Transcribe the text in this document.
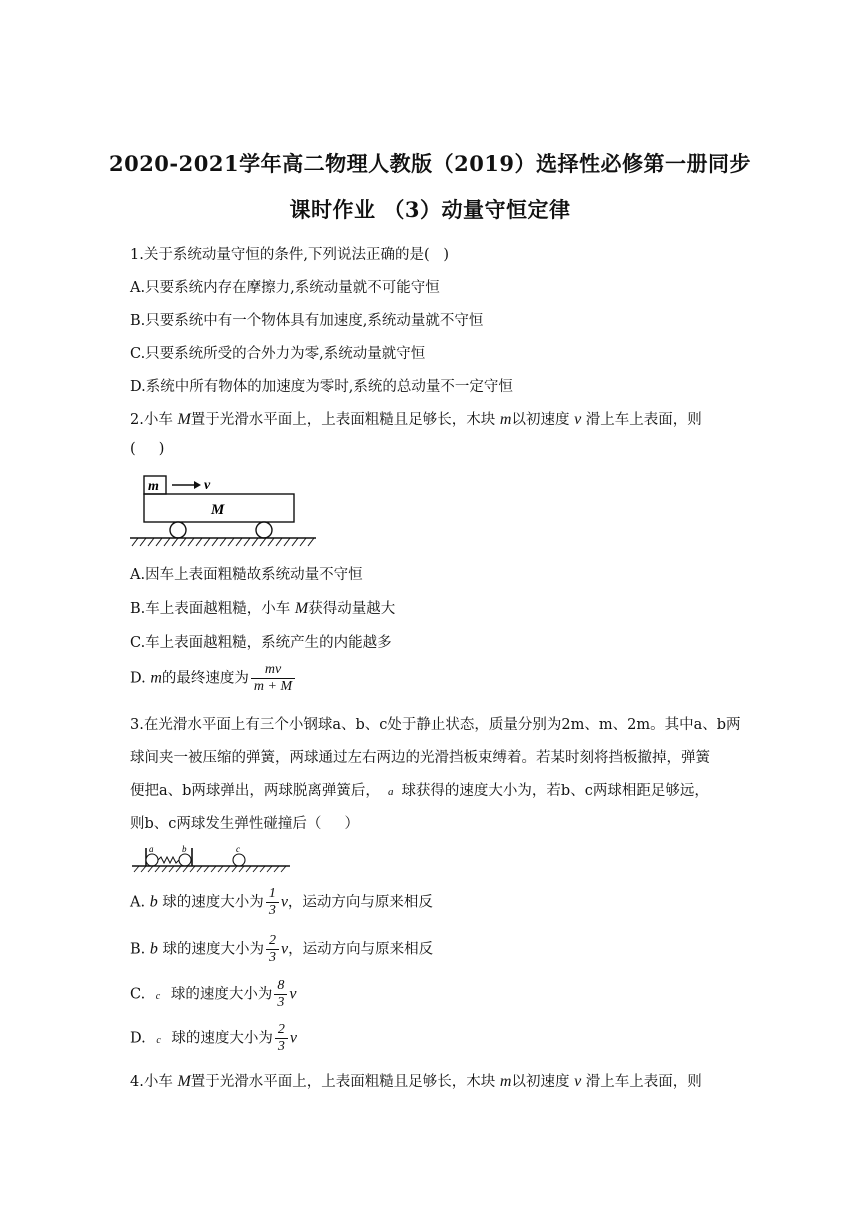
2020-2021学年高二物理人教版（2019）选择性必修第一册同步
课时作业 （3）动量守恒定律
1.关于系统动量守恒的条件,下列说法正确的是(   )
A.只要系统内存在摩擦力,系统动量就不可能守恒
B.只要系统中有一个物体具有加速度,系统动量就不守恒
C.只要系统所受的合外力为零,系统动量就守恒
D.系统中所有物体的加速度为零时,系统的总动量不一定守恒
2.小车 M置于光滑水平面上，上表面粗糙且足够长，木块 m以初速度 v 滑上车上表面，则
(     )
m	v
M
A.因车上表面粗糙故系统动量不守恒
B.车上表面越粗糙，小车 M获得动量越大
C.车上表面越粗糙，系统产生的内能越多
D. m的最终速度为 $\frac{mv}{m + M}$
3.在光滑水平面上有三个小钢球a、b、c处于静止状态，质量分别为2m、m、2m。其中a、b两
球间夹一被压缩的弹簧，两球通过左右两边的光滑挡板束缚着。若某时刻将挡板撤掉，弹簧
便把a、b两球弹出，两球脱离弹簧后， a 球获得的速度大小为，若b、c两球相距足够远，
则b、c两球发生弹性碰撞后（     ）
a	b	c
A. b 球的速度大小为 $\frac{1}{3}$ v，运动方向与原来相反
B. b 球的速度大小为 $\frac{2}{3}$ v，运动方向与原来相反
C. c 球的速度大小为 $\frac{8}{3}$ v
D. c 球的速度大小为 $\frac{2}{3}$ v
4.小车 M置于光滑水平面上，上表面粗糙且足够长，木块 m以初速度 v 滑上车上表面，则
